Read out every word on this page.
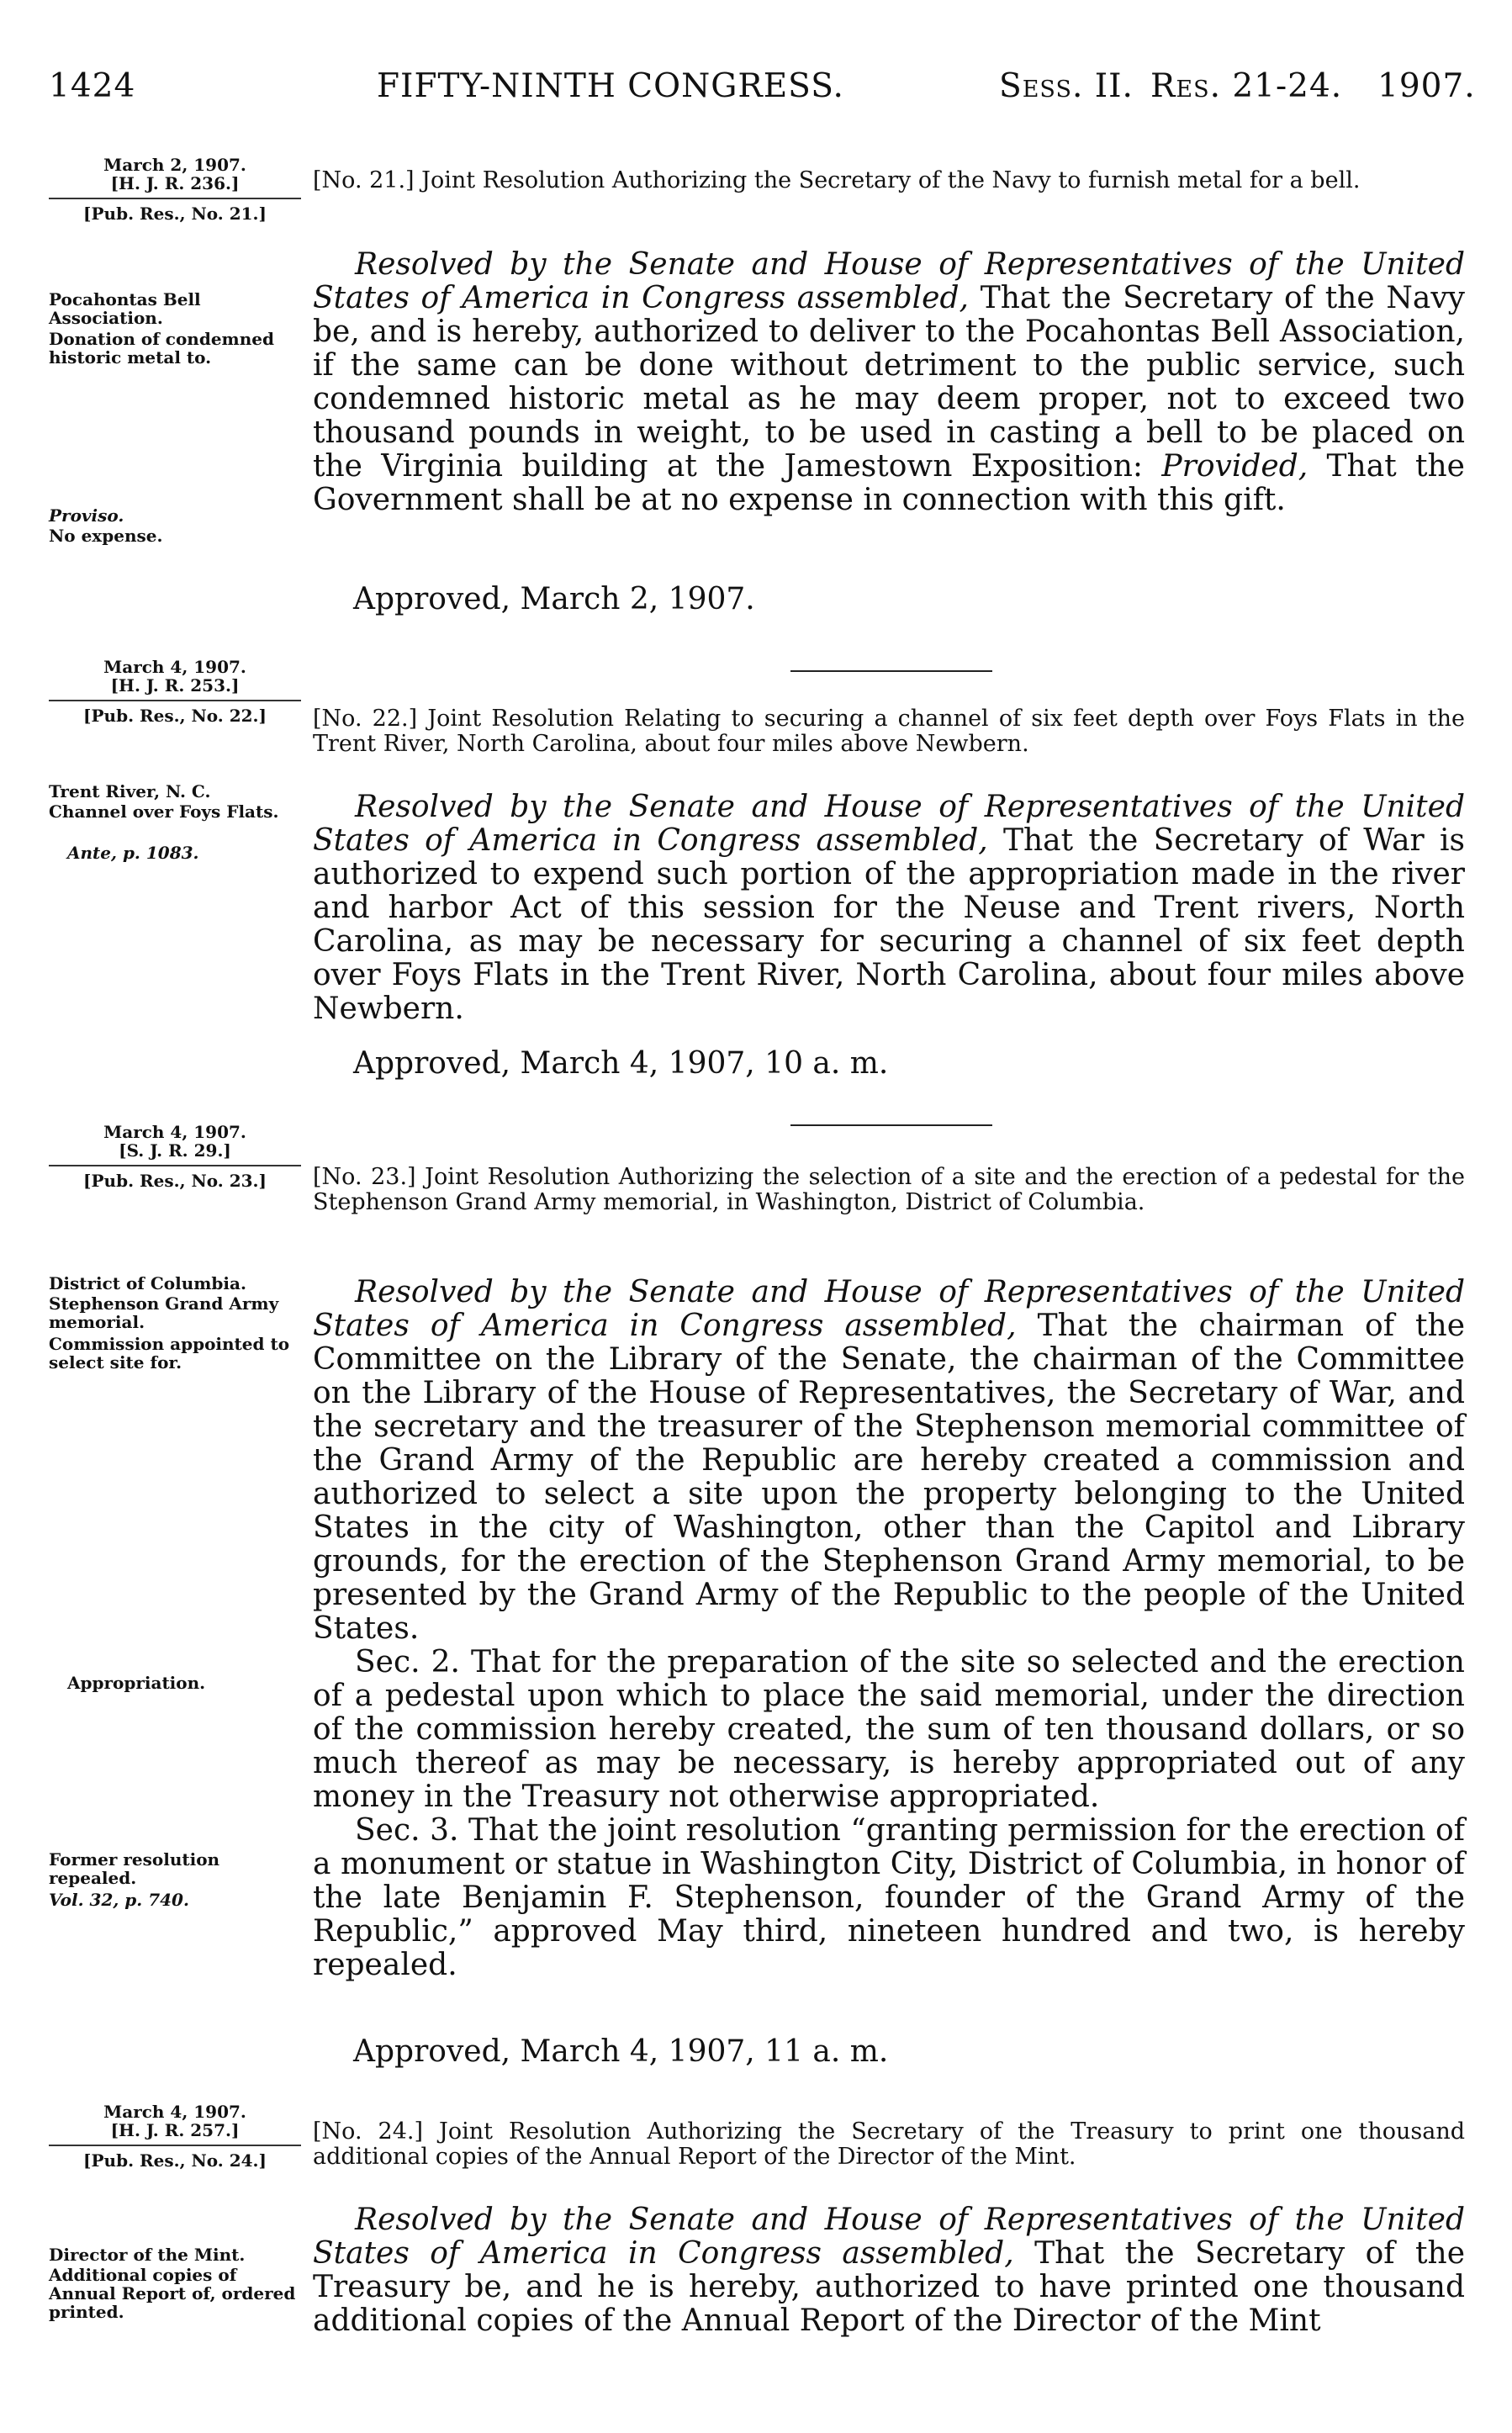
1424	FIFTY-NINTH CONGRESS.	Sess. II. Res. 21-24. 1907.
March 2, 1907.
[H. J. R. 236.]
[Pub. Res., No. 21.]
[No. 21.] Joint Resolution Authorizing the Secretary of the Navy to furnish metal for a bell.
Pocahontas Bell Association.
Donation of condemned historic metal to.
Proviso.
No expense.

Resolved by the Senate and House of Representatives of the United States of America in Congress assembled, That the Secretary of the Navy be, and is hereby, authorized to deliver to the Pocahontas Bell Association, if the same can be done without detriment to the public service, such condemned historic metal as he may deem proper, not to exceed two thousand pounds in weight, to be used in casting a bell to be placed on the Virginia building at the Jamestown Exposition: Provided, That the Government shall be at no expense in connection with this gift.

Approved, March 2, 1907.
March 4, 1907.
[H. J. R. 253.]
[Pub. Res., No. 22.]	[No. 22.] Joint Resolution Relating to securing a channel of six feet depth over Foys Flats in the Trent River, North Carolina, about four miles above Newbern.
Trent River, N. C.
Channel over Foys Flats.
Ante, p. 1083.

Resolved by the Senate and House of Representatives of the United States of America in Congress assembled, That the Secretary of War is authorized to expend such portion of the appropriation made in the river and harbor Act of this session for the Neuse and Trent rivers, North Carolina, as may be necessary for securing a channel of six feet depth over Foys Flats in the Trent River, North Carolina, about four miles above Newbern.

Approved, March 4, 1907, 10 a. m.
March 4, 1907.
[S. J. R. 29.]
[Pub. Res., No. 23.]	[No. 23.] Joint Resolution Authorizing the selection of a site and the erection of a pedestal for the Stephenson Grand Army memorial, in Washington, District of Columbia.
District of Columbia.
Stephenson Grand Army memorial.
Commission appointed to select site for.
Appropriation.
Former resolution repealed.
Vol. 32, p. 740.

Resolved by the Senate and House of Representatives of the United States of America in Congress assembled, That the chairman of the Committee on the Library of the Senate, the chairman of the Committee on the Library of the House of Representatives, the Secretary of War, and the secretary and the treasurer of the Stephenson memorial committee of the Grand Army of the Republic are hereby created a commission and authorized to select a site upon the property belonging to the United States in the city of Washington, other than the Capitol and Library grounds, for the erection of the Stephenson Grand Army memorial, to be presented by the Grand Army of the Republic to the people of the United States.

Sec. 2. That for the preparation of the site so selected and the erection of a pedestal upon which to place the said memorial, under the direction of the commission hereby created, the sum of ten thousand dollars, or so much thereof as may be necessary, is hereby appropriated out of any money in the Treasury not otherwise appropriated.

Sec. 3. That the joint resolution “granting permission for the erection of a monument or statue in Washington City, District of Columbia, in honor of the late Benjamin F. Stephenson, founder of the Grand Army of the Republic,” approved May third, nineteen hundred and two, is hereby repealed.

Approved, March 4, 1907, 11 a. m.
March 4, 1907.
[H. J. R. 257.]
[Pub. Res., No. 24.]
[No. 24.] Joint Resolution Authorizing the Secretary of the Treasury to print one thousand additional copies of the Annual Report of the Director of the Mint.
Director of the Mint.
Additional copies of Annual Report of, ordered printed.

Resolved by the Senate and House of Representatives of the United States of America in Congress assembled, That the Secretary of the Treasury be, and he is hereby, authorized to have printed one thousand additional copies of the Annual Report of the Director of the Mint
